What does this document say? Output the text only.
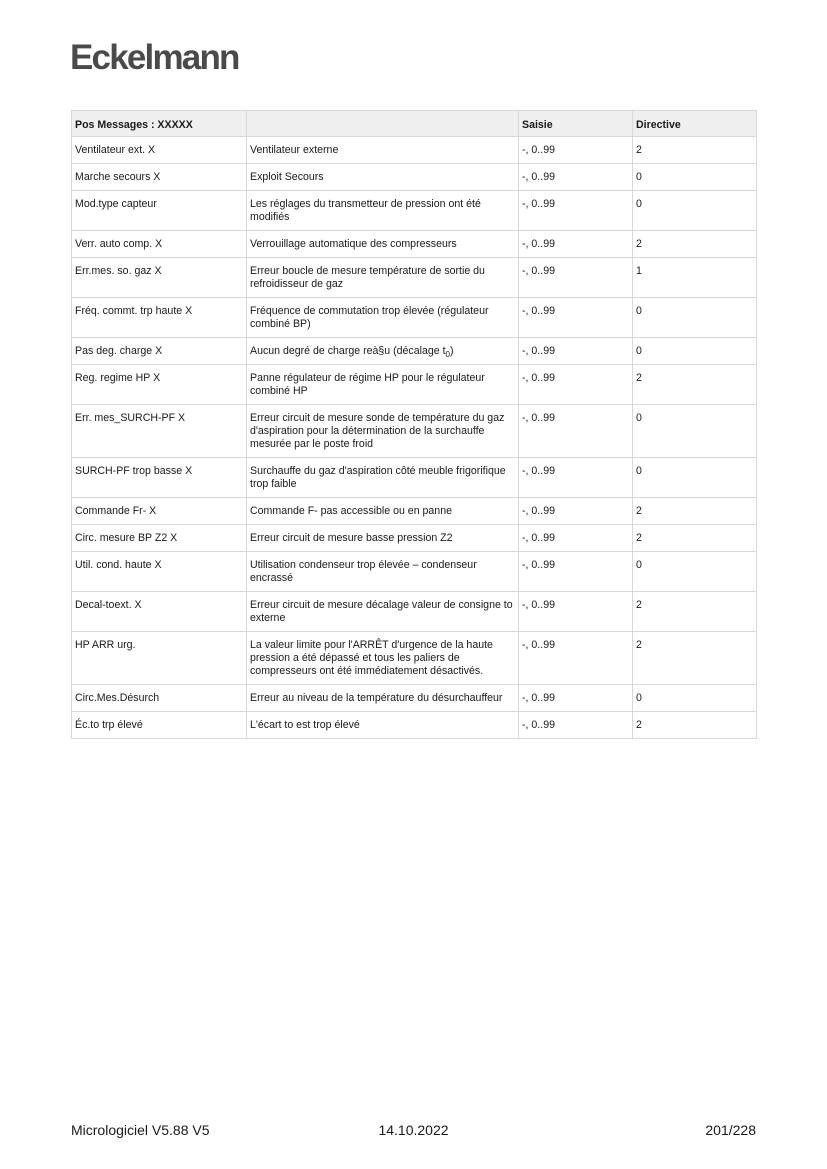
Eckelmann
Pos Messages : XXXXX		Saisie	Directive
Ventilateur ext. X	Ventilateur externe	-, 0..99	2
Marche secours X	Exploit Secours	-, 0..99	0
Mod.type capteur	Les réglages du transmetteur de pression ont été modifiés	-, 0..99	0
Verr. auto comp. X	Verrouillage automatique des compresseurs	-, 0..99	2
Err.mes. so. gaz X	Erreur boucle de mesure température de sortie du refroidisseur de gaz	-, 0..99	1
Fréq. commt. trp haute X	Fréquence de commutation trop élevée (régulateur combiné BP)	-, 0..99	0
Pas deg. charge X	Aucun degré de charge reà§u (décalage $t_0$)	-, 0..99	0
Reg. regime HP X	Panne régulateur de régime HP pour le régulateur combiné HP	-, 0..99	2
Err. mes_SURCH-PF X	Erreur circuit de mesure sonde de température du gaz d'aspiration pour la détermination de la surchauffe mesurée par le poste froid	-, 0..99	0
SURCH-PF trop basse X	Surchauffe du gaz d'aspiration côté meuble frigorifique trop faible	-, 0..99	0
Commande Fr- X	Commande F- pas accessible ou en panne	-, 0..99	2
Circ. mesure BP Z2 X	Erreur circuit de mesure basse pression Z2	-, 0..99	2
Util. cond. haute X	Utilisation condenseur trop élevée – condenseur encrassé	-, 0..99	0
Decal-toext. X	Erreur circuit de mesure décalage valeur de consigne to externe	-, 0..99	2
HP ARR urg.	La valeur limite pour l'ARRÊT d'urgence de la haute pression a été dépassé et tous les paliers de compresseurs ont été immédiatement désactivés.	-, 0..99	2
Circ.Mes.Désurch	Erreur au niveau de la température du désurchauffeur	-, 0..99	0
Éc.to trp élevé	L'écart to est trop élevé	-, 0..99	2
Micrologiciel V5.88 V5	14.10.2022	201/228
